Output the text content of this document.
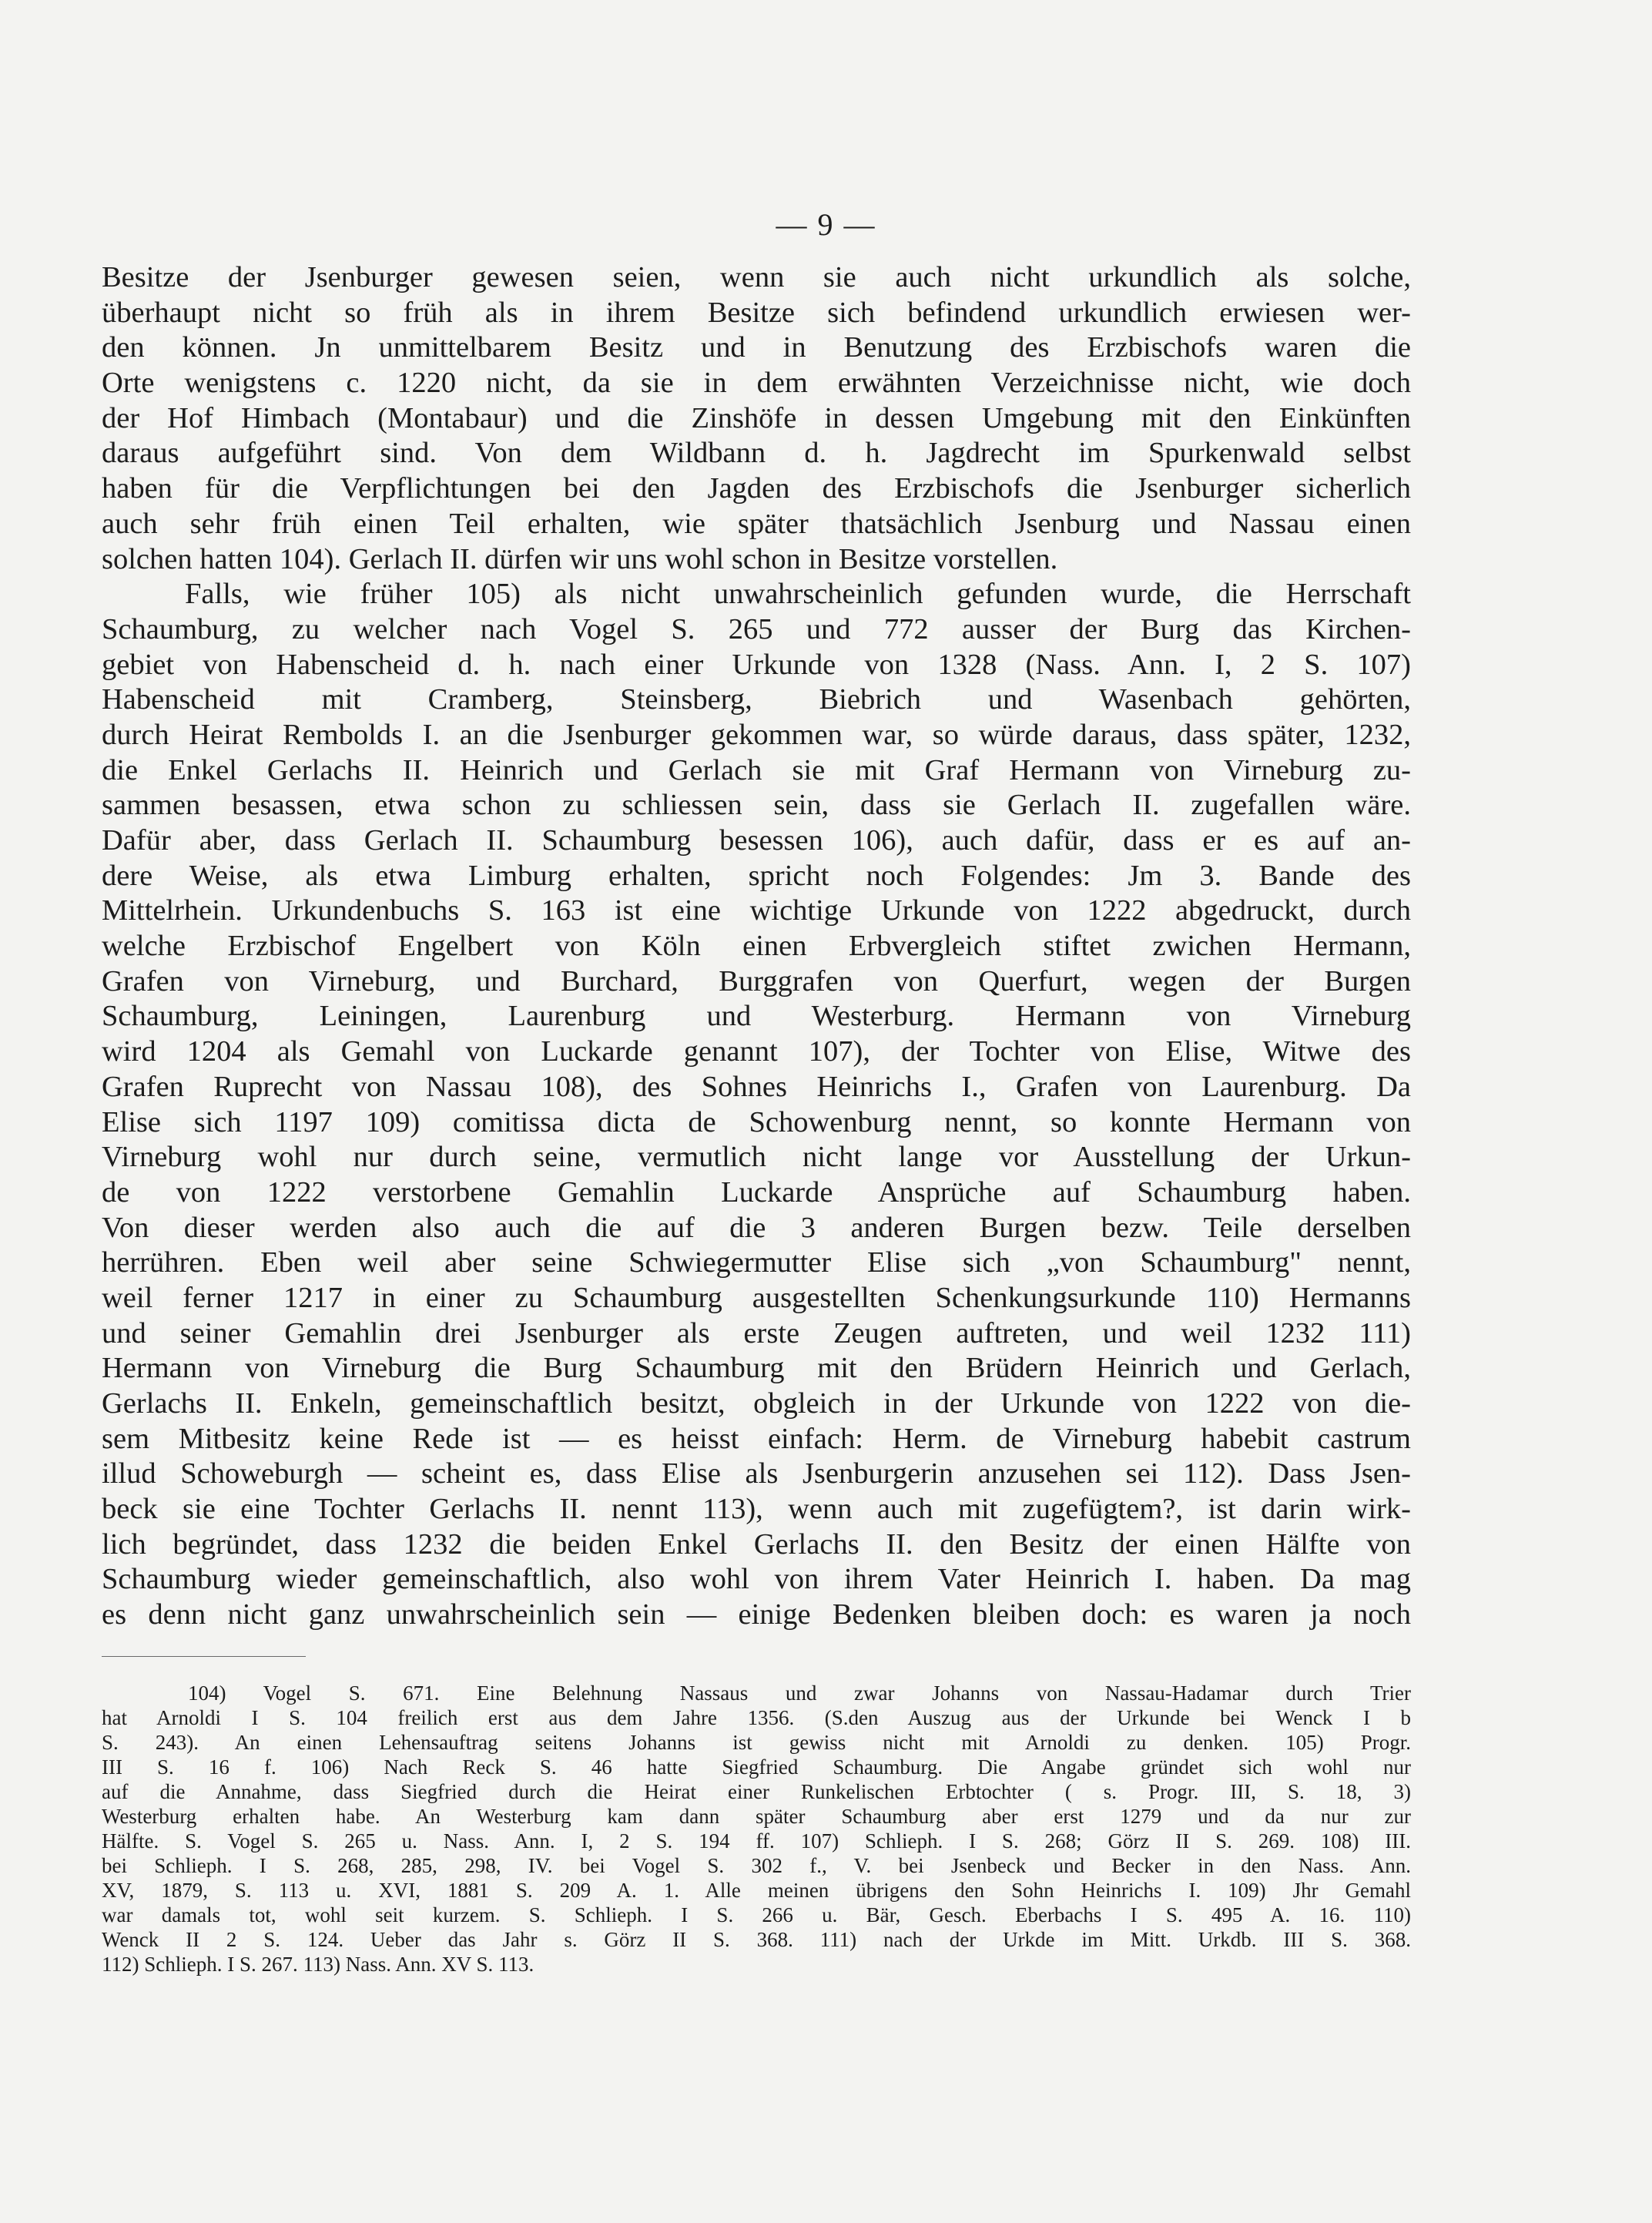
— 9 —
Besitze der Jsenburger gewesen seien, wenn sie auch nicht urkundlich als solche,
überhaupt nicht so früh als in ihrem Besitze sich befindend urkundlich erwiesen wer-
den können. Jn unmittelbarem Besitz und in Benutzung des Erzbischofs waren die
Orte wenigstens c. 1220 nicht, da sie in dem erwähnten Verzeichnisse nicht, wie doch
der Hof Himbach (Montabaur) und die Zinshöfe in dessen Umgebung mit den Einkünften
daraus aufgeführt sind. Von dem Wildbann d. h. Jagdrecht im Spurkenwald selbst
haben für die Verpflichtungen bei den Jagden des Erzbischofs die Jsenburger sicherlich
auch sehr früh einen Teil erhalten, wie später thatsächlich Jsenburg und Nassau einen
solchen hatten 104). Gerlach II. dürfen wir uns wohl schon in Besitze vorstellen.
Falls, wie früher 105) als nicht unwahrscheinlich gefunden wurde, die Herrschaft
Schaumburg, zu welcher nach Vogel S. 265 und 772 ausser der Burg das Kirchen-
gebiet von Habenscheid d. h. nach einer Urkunde von 1328 (Nass. Ann. I, 2 S. 107)
Habenscheid mit Cramberg, Steinsberg, Biebrich und Wasenbach gehörten,
durch Heirat Rembolds I. an die Jsenburger gekommen war, so würde daraus, dass später, 1232,
die Enkel Gerlachs II. Heinrich und Gerlach sie mit Graf Hermann von Virneburg zu-
sammen besassen, etwa schon zu schliessen sein, dass sie Gerlach II. zugefallen wäre.
Dafür aber, dass Gerlach II. Schaumburg besessen 106), auch dafür, dass er es auf an-
dere Weise, als etwa Limburg erhalten, spricht noch Folgendes: Jm 3. Bande des
Mittelrhein. Urkundenbuchs S. 163 ist eine wichtige Urkunde von 1222 abgedruckt, durch
welche Erzbischof Engelbert von Köln einen Erbvergleich stiftet zwichen Hermann,
Grafen von Virneburg, und Burchard, Burggrafen von Querfurt, wegen der Burgen
Schaumburg, Leiningen, Laurenburg und Westerburg. Hermann von Virneburg
wird 1204 als Gemahl von Luckarde genannt 107), der Tochter von Elise, Witwe des
Grafen Ruprecht von Nassau 108), des Sohnes Heinrichs I., Grafen von Laurenburg. Da
Elise sich 1197 109) comitissa dicta de Schowenburg nennt, so konnte Hermann von
Virneburg wohl nur durch seine, vermutlich nicht lange vor Ausstellung der Urkun-
de von 1222 verstorbene Gemahlin Luckarde Ansprüche auf Schaumburg haben.
Von dieser werden also auch die auf die 3 anderen Burgen bezw. Teile derselben
herrühren. Eben weil aber seine Schwiegermutter Elise sich „von Schaumburg" nennt,
weil ferner 1217 in einer zu Schaumburg ausgestellten Schenkungsurkunde 110) Hermanns
und seiner Gemahlin drei Jsenburger als erste Zeugen auftreten, und weil 1232 111)
Hermann von Virneburg die Burg Schaumburg mit den Brüdern Heinrich und Gerlach,
Gerlachs II. Enkeln, gemeinschaftlich besitzt, obgleich in der Urkunde von 1222 von die-
sem Mitbesitz keine Rede ist — es heisst einfach: Herm. de Virneburg habebit castrum
illud Schoweburgh — scheint es, dass Elise als Jsenburgerin anzusehen sei 112). Dass Jsen-
beck sie eine Tochter Gerlachs II. nennt 113), wenn auch mit zugefügtem?, ist darin wirk-
lich begründet, dass 1232 die beiden Enkel Gerlachs II. den Besitz der einen Hälfte von
Schaumburg wieder gemeinschaftlich, also wohl von ihrem Vater Heinrich I. haben. Da mag
es denn nicht ganz unwahrscheinlich sein — einige Bedenken bleiben doch: es waren ja noch
104) Vogel S. 671. Eine Belehnung Nassaus und zwar Johanns von Nassau-Hadamar durch Trier
hat Arnoldi I S. 104 freilich erst aus dem Jahre 1356. (S.den Auszug aus der Urkunde bei Wenck I b
S. 243). An einen Lehensauftrag seitens Johanns ist gewiss nicht mit Arnoldi zu denken. 105) Progr.
III S. 16 f. 106) Nach Reck S. 46 hatte Siegfried Schaumburg. Die Angabe gründet sich wohl nur
auf die Annahme, dass Siegfried durch die Heirat einer Runkelischen Erbtochter ( s. Progr. III, S. 18, 3)
Westerburg erhalten habe. An Westerburg kam dann später Schaumburg aber erst 1279 und da nur zur
Hälfte. S. Vogel S. 265 u. Nass. Ann. I, 2 S. 194 ff. 107) Schlieph. I S. 268; Görz II S. 269. 108) III.
bei Schlieph. I S. 268, 285, 298, IV. bei Vogel S. 302 f., V. bei Jsenbeck und Becker in den Nass. Ann.
XV, 1879, S. 113 u. XVI, 1881 S. 209 A. 1. Alle meinen übrigens den Sohn Heinrichs I. 109) Jhr Gemahl
war damals tot, wohl seit kurzem. S. Schlieph. I S. 266 u. Bär, Gesch. Eberbachs I S. 495 A. 16. 110)
Wenck II 2 S. 124. Ueber das Jahr s. Görz II S. 368. 111) nach der Urkde im Mitt. Urkdb. III S. 368.
112) Schlieph. I S. 267. 113) Nass. Ann. XV S. 113.
